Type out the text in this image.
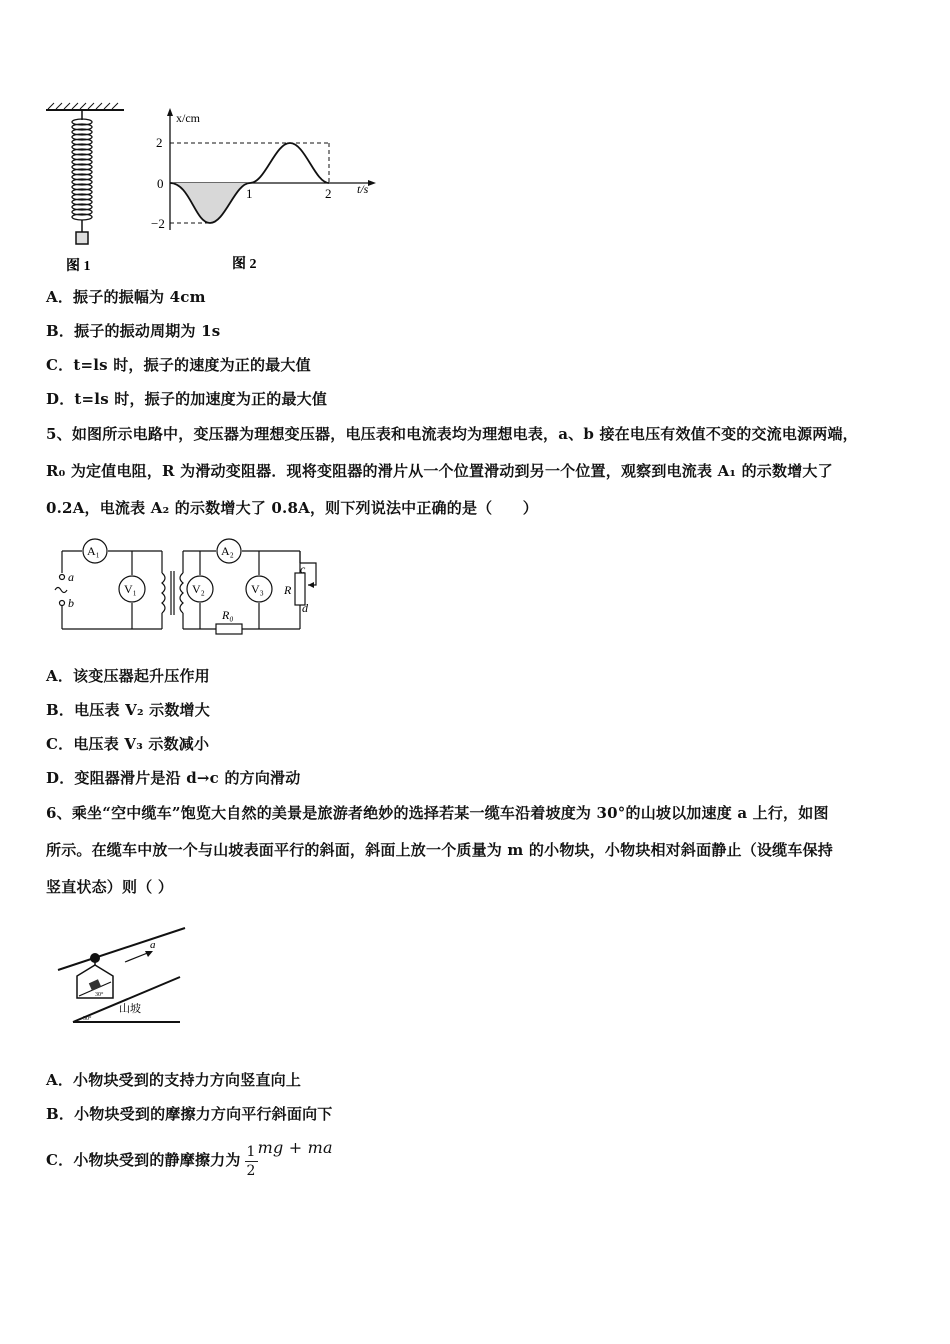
图 1
x/cm
t/s
2
0
−2
1	2
图 2
A．振子的振幅为 4cm
B．振子的振动周期为 1s
C．t=ls 时，振子的速度为正的最大值
D．t=ls 时，振子的加速度为正的最大值
5、如图所示电路中，变压器为理想变压器，电压表和电流表均为理想电表，a、b 接在电压有效值不变的交流电源两端，
R₀ 为定值电阻，R 为滑动变阻器．现将变阻器的滑片从一个位置滑动到另一个位置，观察到电流表 A₁ 的示数增大了
0.2A，电流表 A₂ 的示数增大了 0.8A，则下列说法中正确的是（　　）
A₁	A₂
V₁	V₂	V₃
a
b
c
d
R
R₀
A．该变压器起升压作用
B．电压表 V₂ 示数增大
C．电压表 V₃ 示数减小
D．变阻器滑片是沿 d→c 的方向滑动
6、乘坐“空中缆车”饱览大自然的美景是旅游者绝妙的选择若某一缆车沿着坡度为 30°的山坡以加速度 a 上行，如图
所示。在缆车中放一个与山坡表面平行的斜面，斜面上放一个质量为 m 的小物块，小物块相对斜面静止（设缆车保持
竖直状态）则（ ）
a
山坡
30°
30°
A．小物块受到的支持力方向竖直向上
B．小物块受到的摩擦力方向平行斜面向下
C．小物块受到的静摩擦力为 $\frac{1}{2}$ mg + ma
